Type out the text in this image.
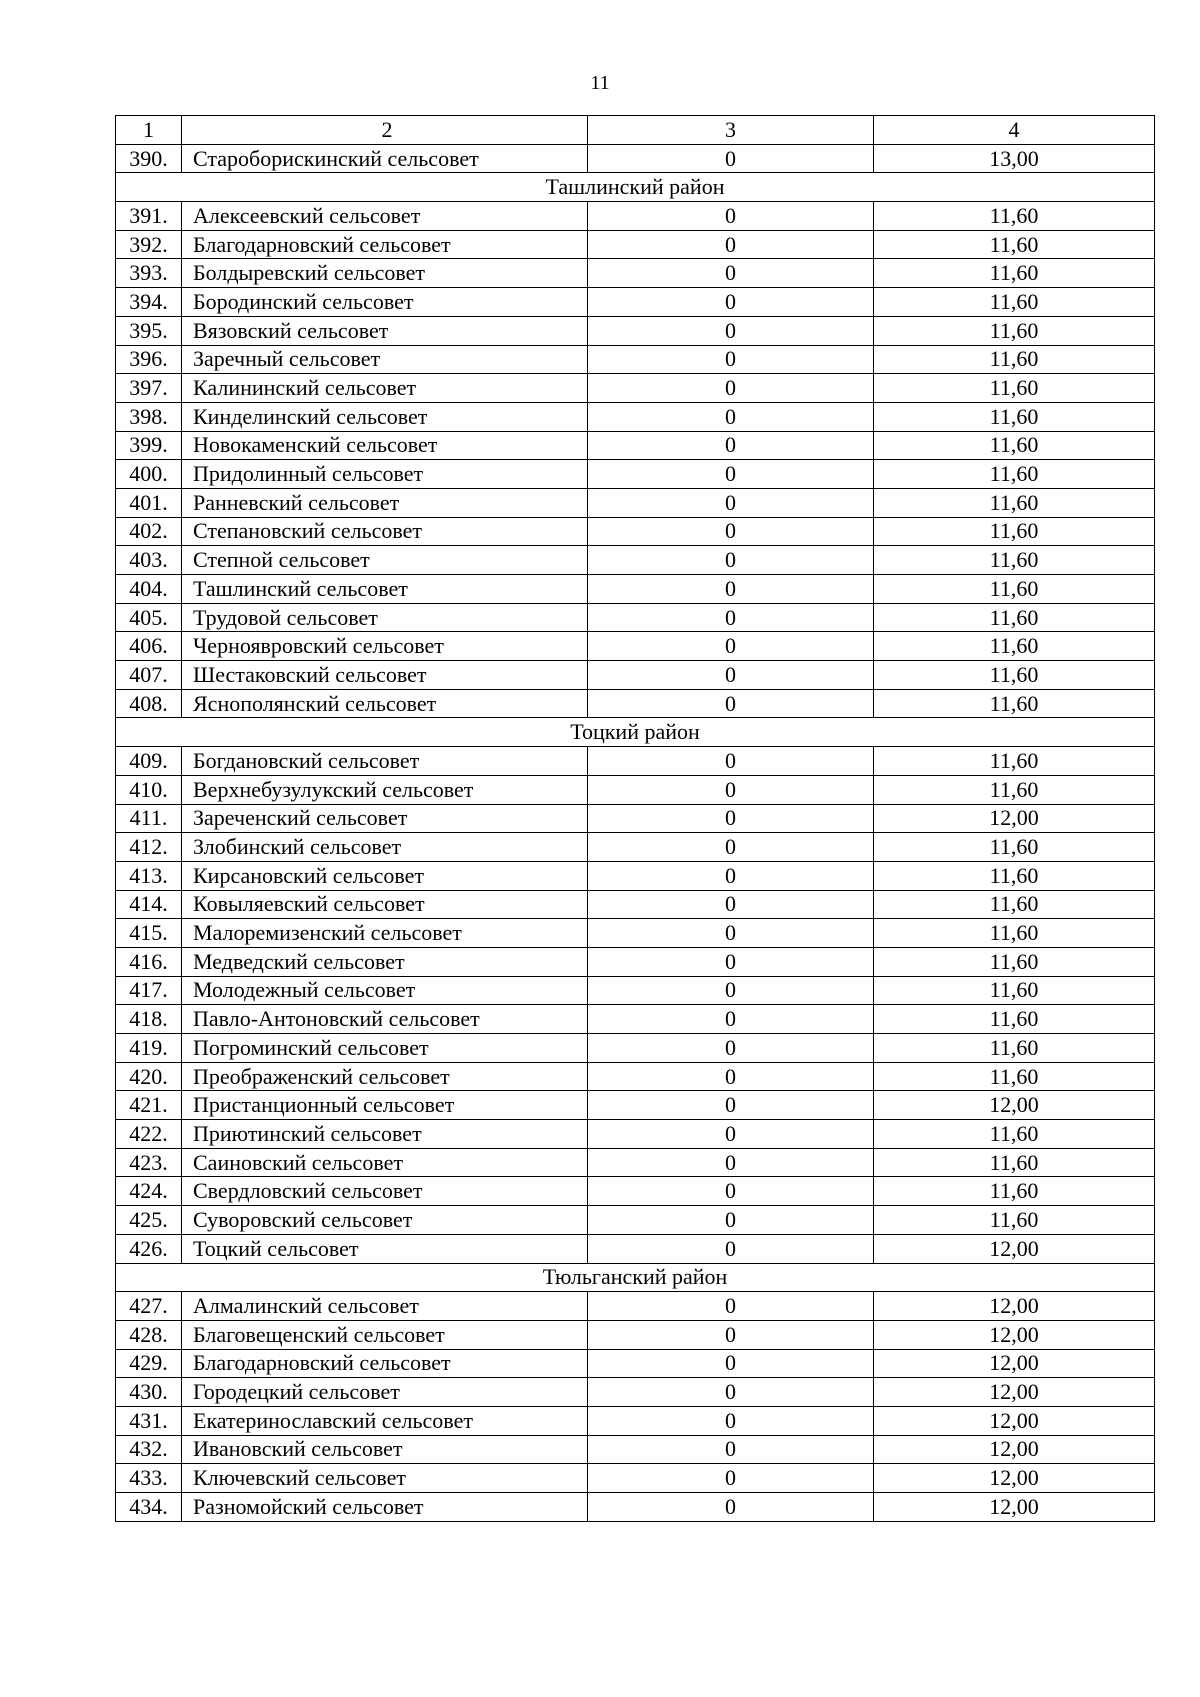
11
1	2	3	4
390.	Староборискинский сельсовет	0	13,00
Ташлинский район			
391.	Алексеевский сельсовет	0	11,60
392.	Благодарновский сельсовет	0	11,60
393.	Болдыревский сельсовет	0	11,60
394.	Бородинский сельсовет	0	11,60
395.	Вязовский сельсовет	0	11,60
396.	Заречный сельсовет	0	11,60
397.	Калининский сельсовет	0	11,60
398.	Кинделинский сельсовет	0	11,60
399.	Новокаменский сельсовет	0	11,60
400.	Придолинный сельсовет	0	11,60
401.	Ранневский сельсовет	0	11,60
402.	Степановский сельсовет	0	11,60
403.	Степной сельсовет	0	11,60
404.	Ташлинский сельсовет	0	11,60
405.	Трудовой сельсовет	0	11,60
406.	Черноявровский сельсовет	0	11,60
407.	Шестаковский сельсовет	0	11,60
408.	Яснополянский сельсовет	0	11,60
Тоцкий район			
409.	Богдановский сельсовет	0	11,60
410.	Верхнебузулукский сельсовет	0	11,60
411.	Зареченский сельсовет	0	12,00
412.	Злобинский сельсовет	0	11,60
413.	Кирсановский сельсовет	0	11,60
414.	Ковыляевский сельсовет	0	11,60
415.	Малоремизенский сельсовет	0	11,60
416.	Медведский сельсовет	0	11,60
417.	Молодежный сельсовет	0	11,60
418.	Павло-Антоновский сельсовет	0	11,60
419.	Погроминский сельсовет	0	11,60
420.	Преображенский сельсовет	0	11,60
421.	Пристанционный сельсовет	0	12,00
422.	Приютинский сельсовет	0	11,60
423.	Саиновский сельсовет	0	11,60
424.	Свердловский сельсовет	0	11,60
425.	Суворовский сельсовет	0	11,60
426.	Тоцкий сельсовет	0	12,00
Тюльганский район			
427.	Алмалинский сельсовет	0	12,00
428.	Благовещенский сельсовет	0	12,00
429.	Благодарновский сельсовет	0	12,00
430.	Городецкий сельсовет	0	12,00
431.	Екатеринославский сельсовет	0	12,00
432.	Ивановский сельсовет	0	12,00
433.	Ключевский сельсовет	0	12,00
434.	Разномойский сельсовет	0	12,00
